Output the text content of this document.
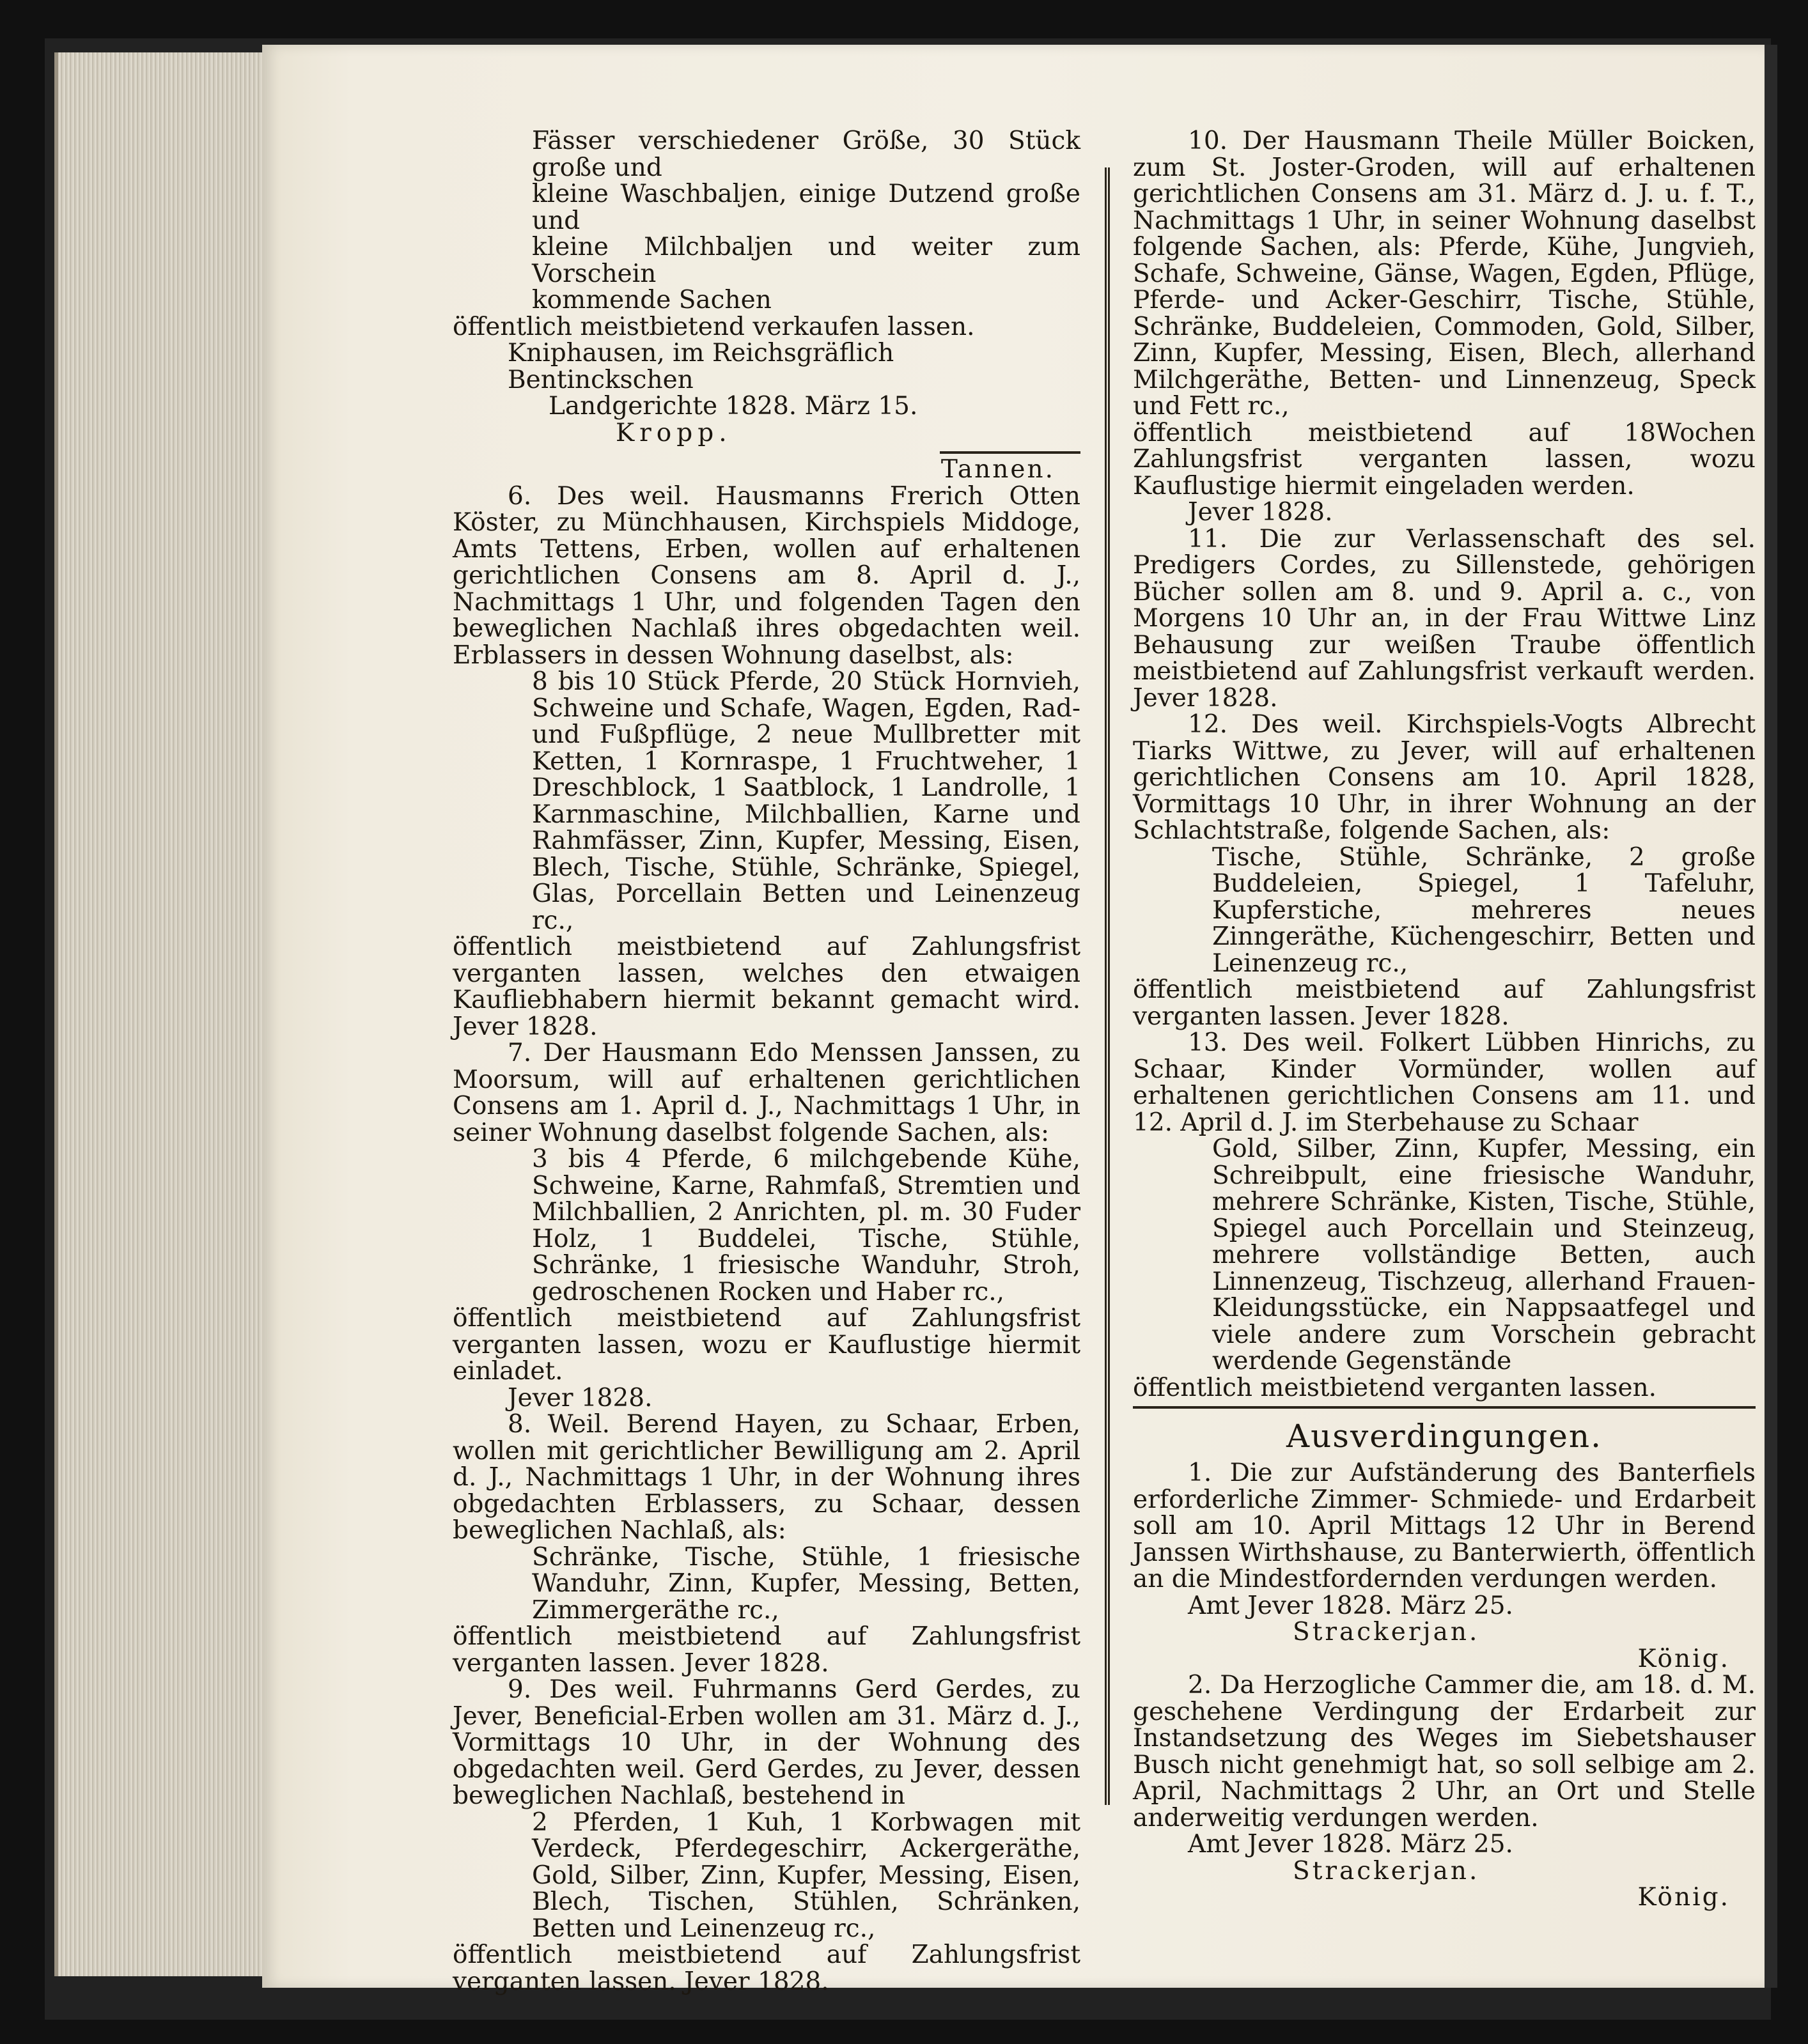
Fässer verschiedener Größe, 30 Stück große und
kleine Waschbaljen, einige Dutzend große und
kleine Milchbaljen und weiter zum Vorschein
kommende Sachen

öffentlich meistbietend verkaufen lassen.

Kniphausen, im Reichsgräflich Bentinckschen

Landgerichte 1828. März 15.

Kropp.

Tannen.

6. Des weil. Hausmanns Frerich Otten Köster, zu Münchhausen, Kirchspiels Middoge, Amts Tettens, Erben, wollen auf erhaltenen gerichtlichen Consens am 8. April d. J., Nachmittags 1 Uhr, und folgenden Tagen den beweglichen Nachlaß ihres obgedachten weil. Erblassers in dessen Wohnung daselbst, als:

8 bis 10 Stück Pferde, 20 Stück Hornvieh, Schweine und Schafe, Wagen, Egden, Rad- und Fußpflüge, 2 neue Mullbretter mit Ketten, 1 Kornraspe, 1 Fruchtweher, 1 Dreschblock, 1 Saatblock, 1 Landrolle, 1 Karnmaschine, Milchballien, Karne und Rahmfässer, Zinn, Kupfer, Messing, Eisen, Blech, Tische, Stühle, Schränke, Spiegel, Glas, Porcellain Betten und Leinenzeug rc.,

öffentlich meistbietend auf Zahlungsfrist verganten lassen, welches den etwaigen Kaufliebhabern hiermit bekannt gemacht wird. Jever 1828.

7. Der Hausmann Edo Menssen Janssen, zu Moorsum, will auf erhaltenen gerichtlichen Consens am 1. April d. J., Nachmittags 1 Uhr, in seiner Wohnung daselbst folgende Sachen, als:

3 bis 4 Pferde, 6 milchgebende Kühe, Schweine, Karne, Rahmfaß, Stremtien und Milchballien, 2 Anrichten, pl. m. 30 Fuder Holz, 1 Buddelei, Tische, Stühle, Schränke, 1 friesische Wanduhr, Stroh, gedroschenen Rocken und Haber rc.,

öffentlich meistbietend auf Zahlungsfrist verganten lassen, wozu er Kauflustige hiermit einladet.

Jever 1828.

8. Weil. Berend Hayen, zu Schaar, Erben, wollen mit gerichtlicher Bewilligung am 2. April d. J., Nachmittags 1 Uhr, in der Wohnung ihres obgedachten Erblassers, zu Schaar, dessen beweglichen Nachlaß, als:

Schränke, Tische, Stühle, 1 friesische Wanduhr, Zinn, Kupfer, Messing, Betten, Zimmergeräthe rc.,

öffentlich meistbietend auf Zahlungsfrist verganten lassen. Jever 1828.

9. Des weil. Fuhrmanns Gerd Gerdes, zu Jever, Beneficial-Erben wollen am 31. März d. J., Vormittags 10 Uhr, in der Wohnung des obgedachten weil. Gerd Gerdes, zu Jever, dessen beweglichen Nachlaß, bestehend in

2 Pferden, 1 Kuh, 1 Korbwagen mit Verdeck, Pferdegeschirr, Ackergeräthe, Gold, Silber, Zinn, Kupfer, Messing, Eisen, Blech, Tischen, Stühlen, Schränken, Betten und Leinenzeug rc.,

öffentlich meistbietend auf Zahlungsfrist verganten lassen. Jever 1828.

10. Der Hausmann Theile Müller Boicken, zum St. Joster-Groden, will auf erhaltenen gerichtlichen Consens am 31. März d. J. u. f. T., Nachmittags 1 Uhr, in seiner Wohnung daselbst folgende Sachen, als: Pferde, Kühe, Jungvieh, Schafe, Schweine, Gänse, Wagen, Egden, Pflüge, Pferde- und Acker-Geschirr, Tische, Stühle, Schränke, Buddeleien, Commoden, Gold, Silber, Zinn, Kupfer, Messing, Eisen, Blech, allerhand Milchgeräthe, Betten- und Linnenzeug, Speck und Fett rc.,

öffentlich meistbietend auf 18Wochen Zahlungsfrist verganten lassen, wozu Kauflustige hiermit eingeladen werden.

Jever 1828.

11. Die zur Verlassenschaft des sel. Predigers Cordes, zu Sillenstede, gehörigen Bücher sollen am 8. und 9. April a. c., von Morgens 10 Uhr an, in der Frau Wittwe Linz Behausung zur weißen Traube öffentlich meistbietend auf Zahlungsfrist verkauft werden. Jever 1828.

12. Des weil. Kirchspiels-Vogts Albrecht Tiarks Wittwe, zu Jever, will auf erhaltenen gerichtlichen Consens am 10. April 1828, Vormittags 10 Uhr, in ihrer Wohnung an der Schlachtstraße, folgende Sachen, als:

Tische, Stühle, Schränke, 2 große Buddeleien, Spiegel, 1 Tafeluhr, Kupferstiche, mehreres neues Zinngeräthe, Küchengeschirr, Betten und Leinenzeug rc.,

öffentlich meistbietend auf Zahlungsfrist verganten lassen. Jever 1828.

13. Des weil. Folkert Lübben Hinrichs, zu Schaar, Kinder Vormünder, wollen auf erhaltenen gerichtlichen Consens am 11. und 12. April d. J. im Sterbehause zu Schaar

Gold, Silber, Zinn, Kupfer, Messing, ein Schreibpult, eine friesische Wanduhr, mehrere Schränke, Kisten, Tische, Stühle, Spiegel auch Porcellain und Steinzeug, mehrere vollständige Betten, auch Linnenzeug, Tischzeug, allerhand Frauen-Kleidungsstücke, ein Nappsaatfegel und viele andere zum Vorschein gebracht werdende Gegenstände

öffentlich meistbietend verganten lassen.

Ausverdingungen.

1. Die zur Aufständerung des Banterfiels erforderliche Zimmer- Schmiede- und Erdarbeit soll am 10. April Mittags 12 Uhr in Berend Janssen Wirthshause, zu Banterwierth, öffentlich an die Mindestfordernden verdungen werden.

Amt Jever 1828. März 25.

Strackerjan.

König.

2. Da Herzogliche Cammer die, am 18. d. M. geschehene Verdingung der Erdarbeit zur Instandsetzung des Weges im Siebetshauser Busch nicht genehmigt hat, so soll selbige am 2. April, Nachmittags 2 Uhr, an Ort und Stelle anderweitig verdungen werden.

Amt Jever 1828. März 25.

Strackerjan.

König.
